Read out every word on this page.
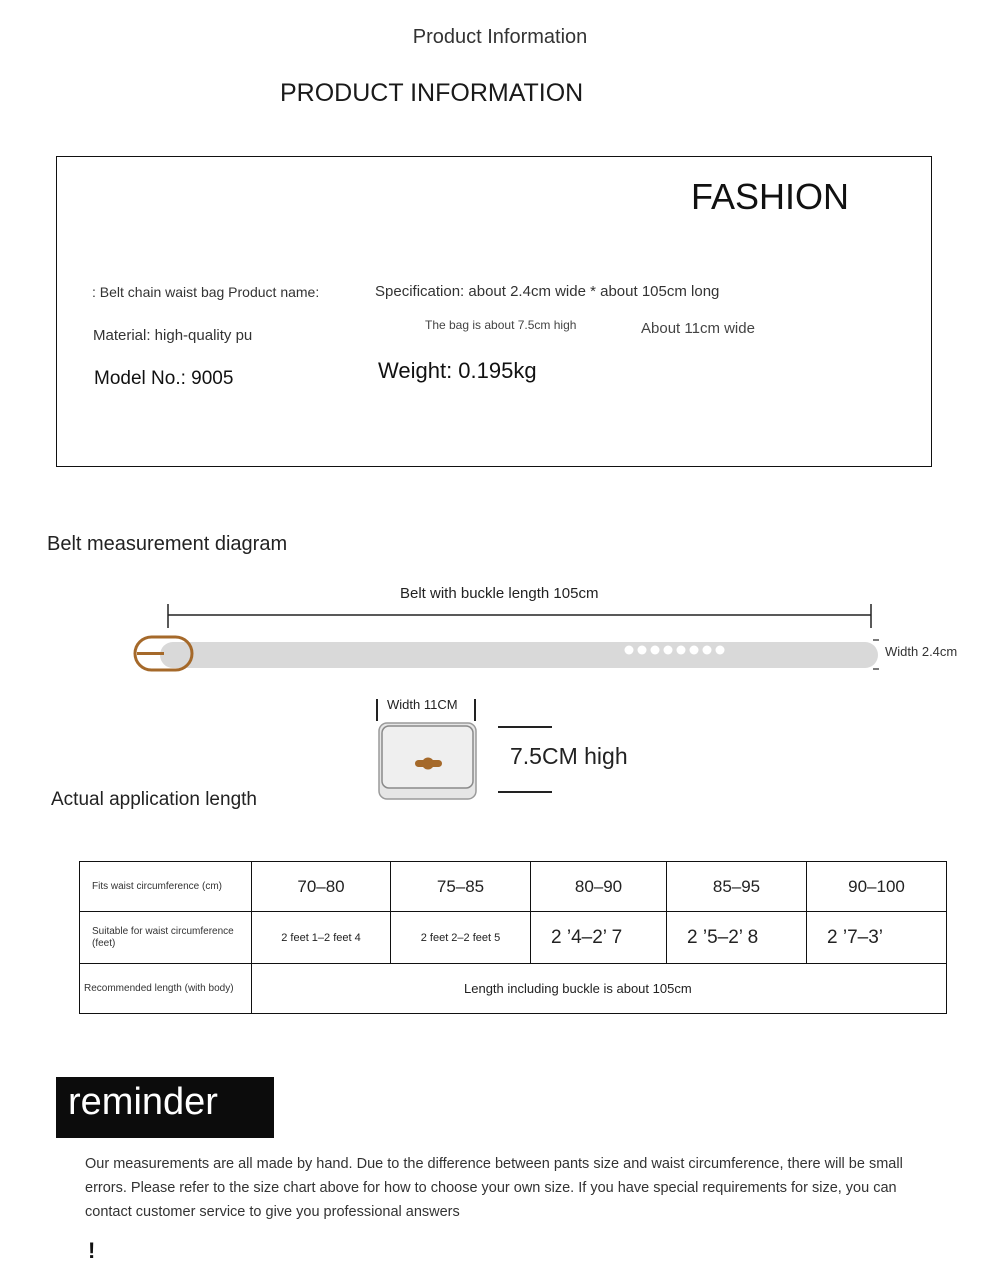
Product Information
PRODUCT INFORMATION
FASHION
: Belt chain waist bag Product name:	Specification: about 2.4cm wide * about 105cm long
Material: high-quality pu
The bag is about 7.5cm high	About 11cm wide
Model No.: 9005	Weight: 0.195kg
Belt measurement diagram
Belt with buckle length 105cm
Width 2.4cm
Width 11CM
7.5CM high
Actual application length
Fits waist circumference (cm)	70–80	75–85	80–90	85–95	90–100
Suitable for waist circumference (feet)	2 feet 1–2 feet 4	2 feet 2–2 feet 5	2 ’4–2’ 7	2 ’5–2’ 8	2 ’7–3’
Recommended length (with body)	Length including buckle is about 105cm				
reminder
Our measurements are all made by hand. Due to the difference between pants size and waist circumference, there will be small errors. Please refer to the size chart above for how to choose your own size. If you have special requirements for size, you can contact customer service to give you professional answers
!
